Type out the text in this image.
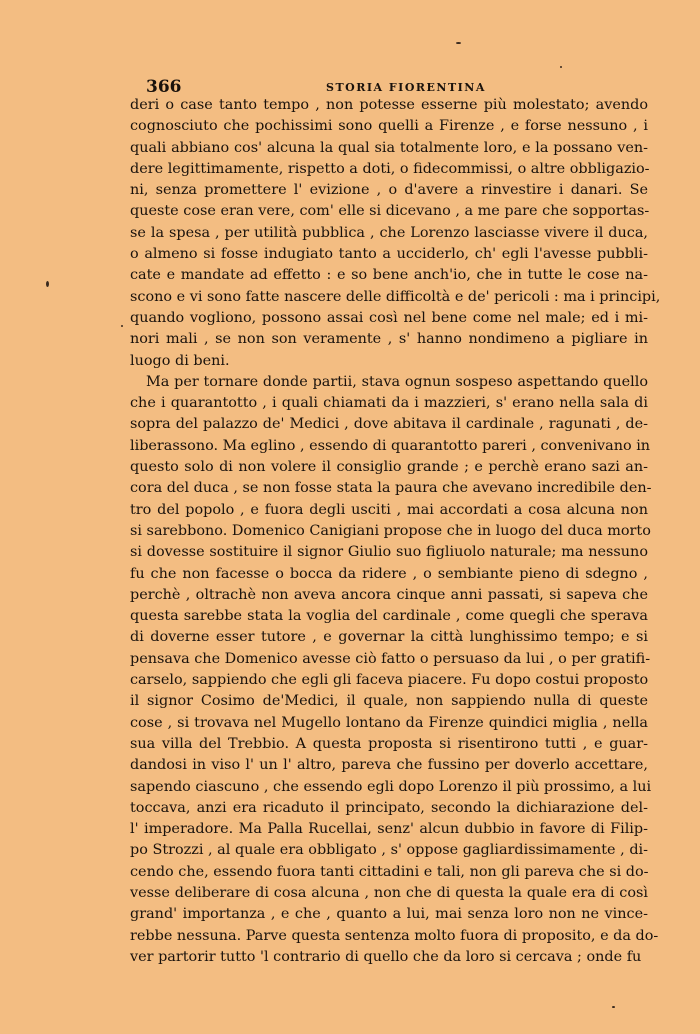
366	STORIA FIORENTINA
deri o case tanto tempo , non potesse esserne più molestato; avendo
cognosciuto che pochissimi sono quelli a Firenze , e forse nessuno , i
quali abbiano cos' alcuna la qual sia totalmente loro, e la possano ven-
dere legittimamente, rispetto a doti, o fidecommissi, o altre obbligazio-
ni, senza promettere l' evizione , o d'avere a rinvestire i danari. Se
queste cose eran vere, com' elle si dicevano , a me pare che sopportas-
se la spesa , per utilità pubblica , che Lorenzo lasciasse vivere il duca,
o almeno si fosse indugiato tanto a ucciderlo, ch' egli l'avesse pubbli-
cate e mandate ad effetto : e so bene anch'io, che in tutte le cose na-
scono e vi sono fatte nascere delle difficoltà e de' pericoli : ma i principi,
quando vogliono, possono assai così nel bene come nel male; ed i mi-
nori mali , se non son veramente , s' hanno nondimeno a pigliare in
luogo di beni.
Ma per tornare donde partii, stava ognun sospeso aspettando quello
che i quarantotto , i quali chiamati da i mazzieri, s' erano nella sala di
sopra del palazzo de' Medici , dove abitava il cardinale , ragunati , de-
liberassono. Ma eglino , essendo di quarantotto pareri , convenivano in
questo solo di non volere il consiglio grande ; e perchè erano sazi an-
cora del duca , se non fosse stata la paura che avevano incredibile den-
tro del popolo , e fuora degli usciti , mai accordati a cosa alcuna non
si sarebbono. Domenico Canigiani propose che in luogo del duca morto
si dovesse sostituire il signor Giulio suo figliuolo naturale; ma nessuno
fu che non facesse o bocca da ridere , o sembiante pieno di sdegno ,
perchè , oltrachè non aveva ancora cinque anni passati, si sapeva che
questa sarebbe stata la voglia del cardinale , come quegli che sperava
di doverne esser tutore , e governar la città lunghissimo tempo; e si
pensava che Domenico avesse ciò fatto o persuaso da lui , o per gratifi-
carselo, sappiendo che egli gli faceva piacere. Fu dopo costui proposto
il signor Cosimo de'Medici, il quale, non sappiendo nulla di queste
cose , si trovava nel Mugello lontano da Firenze quindici miglia , nella
sua villa del Trebbio. A questa proposta si risentirono tutti , e guar-
dandosi in viso l' un l' altro, pareva che fussino per doverlo accettare,
sapendo ciascuno , che essendo egli dopo Lorenzo il più prossimo, a lui
toccava, anzi era ricaduto il principato, secondo la dichiarazione del-
l' imperadore. Ma Palla Rucellai, senz' alcun dubbio in favore di Filip-
po Strozzi , al quale era obbligato , s' oppose gagliardissimamente , di-
cendo che, essendo fuora tanti cittadini e tali, non gli pareva che si do-
vesse deliberare di cosa alcuna , non che di questa la quale era di così
grand' importanza , e che , quanto a lui, mai senza loro non ne vince-
rebbe nessuna. Parve questa sentenza molto fuora di proposito, e da do-
ver partorir tutto 'l contrario di quello che da loro si cercava ; onde fu
